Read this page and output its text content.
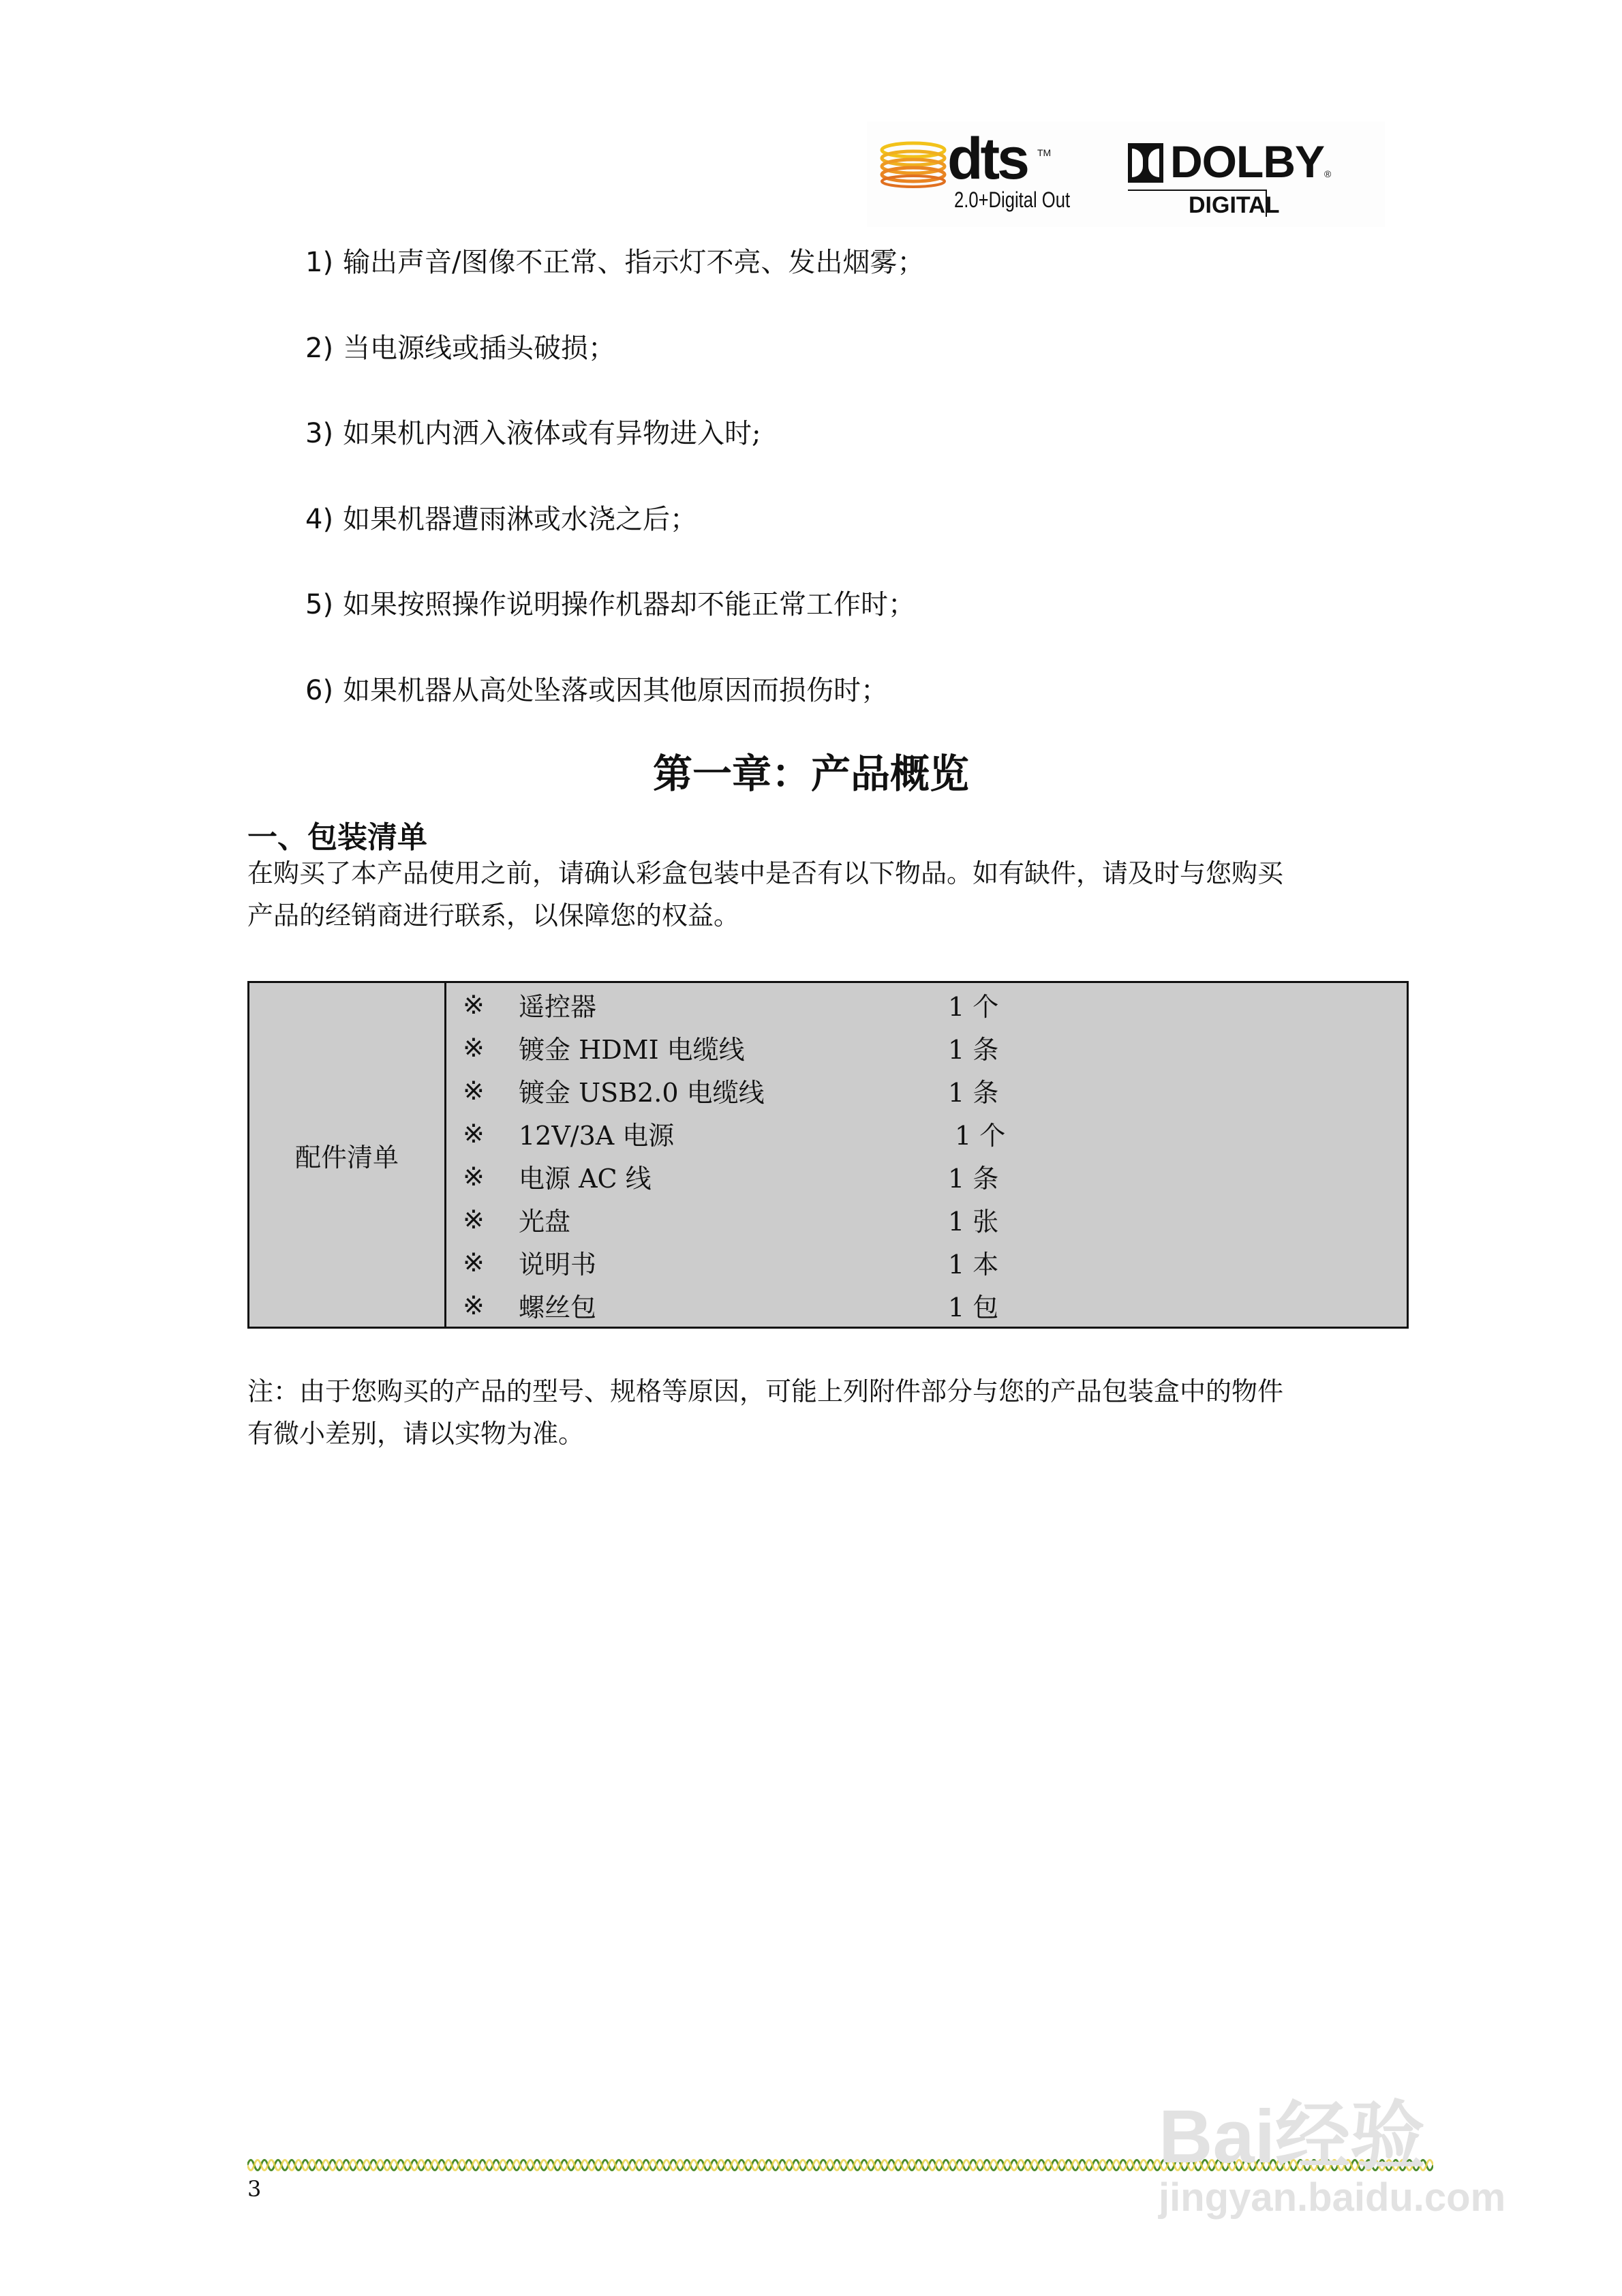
dts TM
2.0+Digital Out
DOLBY®
DIGITAL
1) 输出声音/图像不正常、指示灯不亮、发出烟雾；
2) 当电源线或插头破损；
3) 如果机内洒入液体或有异物进入时;
4) 如果机器遭雨淋或水浇之后；
5) 如果按照操作说明操作机器却不能正常工作时；
6) 如果机器从高处坠落或因其他原因而损伤时；
第一章：产品概览
一、包装清单
在购买了本产品使用之前，请确认彩盒包装中是否有以下物品。如有缺件，请及时与您购买
产品的经销商进行联系，以保障您的权益。
配件清单	
※	遥控器	1 个
※	镀金 HDMI 电缆线	1 条
※	镀金 USB2.0 电缆线	1 条
※	12V/3A 电源	1 个
※	电源 AC 线	1 条
※	光盘	1 张
※	说明书	1 本
※	螺丝包	1 包
注：由于您购买的产品的型号、规格等原因，可能上列附件部分与您的产品包装盒中的物件
有微小差别，请以实物为准。
3
Bai经验
jingyan.baidu.com
